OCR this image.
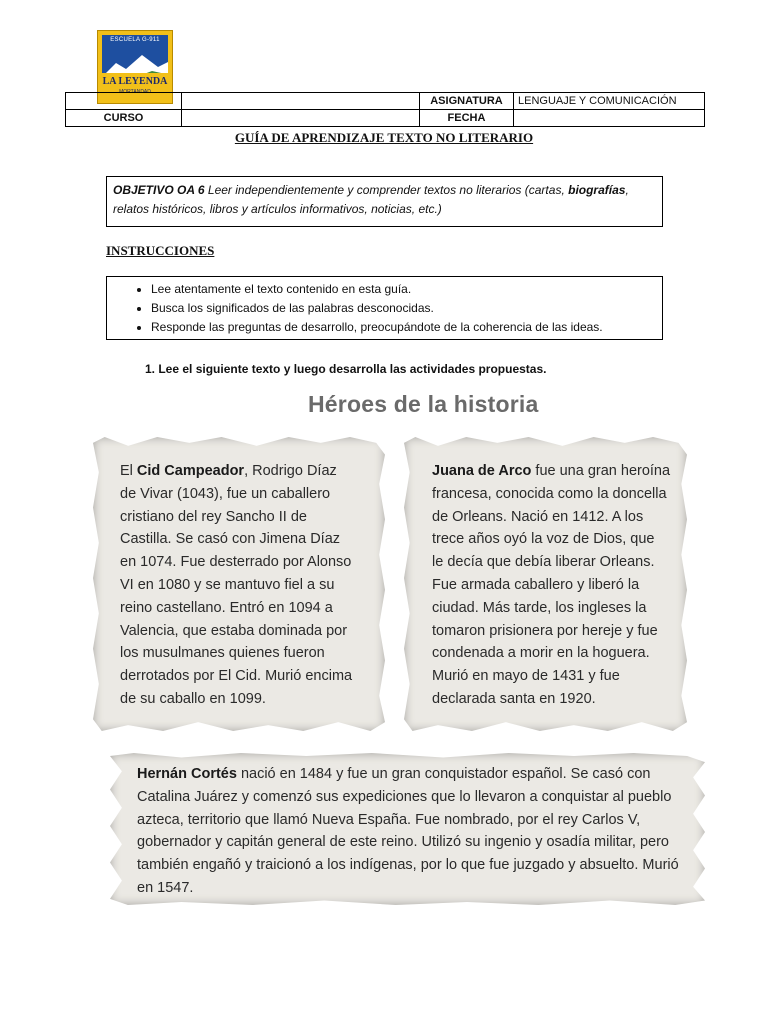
ESCUELA G-911
LA LEYENDA
MORTANDAD
		ASIGNATURA	LENGUAJE Y COMUNICACIÓN
CURSO		FECHA	
GUÍA DE APRENDIZAJE TEXTO NO LITERARIO
OBJETIVO OA 6 Leer independientemente y comprender textos no literarios (cartas, biografías, relatos históricos, libros y artículos informativos, noticias, etc.)
INSTRUCCIONES
• Lee atentamente el texto contenido en esta guía.
• Busca los significados de las palabras desconocidas.
• Responde las preguntas de desarrollo, preocupándote de la coherencia de las ideas.
1. Lee el siguiente texto y luego desarrolla las actividades propuestas.
Héroes de la historia
El Cid Campeador, Rodrigo Díaz
de Vivar (1043), fue un caballero
cristiano del rey Sancho II de
Castilla. Se casó con Jimena Díaz
en 1074. Fue desterrado por Alonso
VI en 1080 y se mantuvo fiel a su
reino castellano. Entró en 1094 a
Valencia, que estaba dominada por
los musulmanes quienes fueron
derrotados por El Cid. Murió encima
de su caballo en 1099.
Juana de Arco fue una gran heroína
francesa, conocida como la doncella
de Orleans. Nació en 1412. A los
trece años oyó la voz de Dios, que
le decía que debía liberar Orleans.
Fue armada caballero y liberó la
ciudad. Más tarde, los ingleses la
tomaron prisionera por hereje y fue
condenada a morir en la hoguera.
Murió en mayo de 1431 y fue
declarada santa en 1920.
Hernán Cortés nació en 1484 y fue un gran conquistador español. Se casó con
Catalina Juárez y comenzó sus expediciones que lo llevaron a conquistar al pueblo
azteca, territorio que llamó Nueva España. Fue nombrado, por el rey Carlos V,
gobernador y capitán general de este reino. Utilizó su ingenio y osadía militar, pero
también engañó y traicionó a los indígenas, por lo que fue juzgado y absuelto. Murió
en 1547.
